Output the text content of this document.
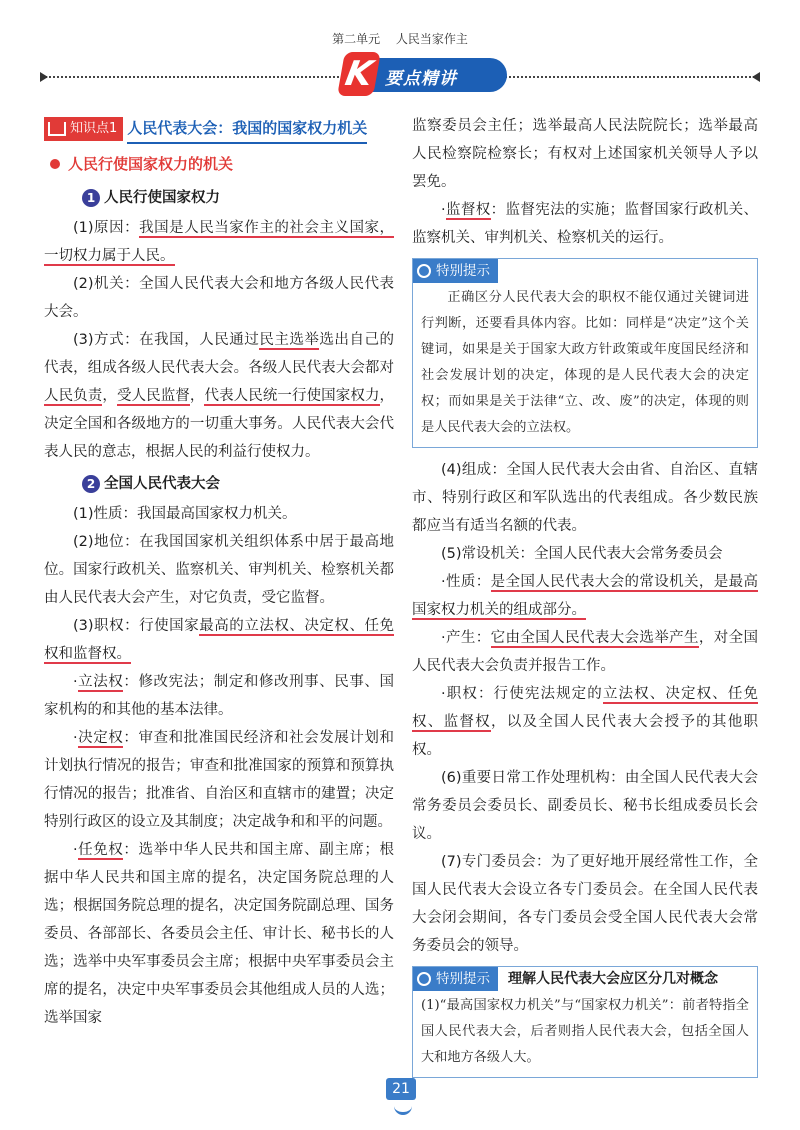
第二单元 人民当家作主
K 要点精讲
知识点1 人民代表大会：我国的国家权力机关
人民行使国家权力的机关
1 人民行使国家权力

(1)原因：我国是人民当家作主的社会主义国家，一切权力属于人民。

(2)机关：全国人民代表大会和地方各级人民代表大会。

(3)方式：在我国，人民通过民主选举选出自己的代表，组成各级人民代表大会。各级人民代表大会都对人民负责，受人民监督，代表人民统一行使国家权力，决定全国和各级地方的一切重大事务。人民代表大会代表人民的意志，根据人民的利益行使权力。

2 全国人民代表大会

(1)性质：我国最高国家权力机关。

(2)地位：在我国国家机关组织体系中居于最高地位。国家行政机关、监察机关、审判机关、检察机关都由人民代表大会产生，对它负责，受它监督。

(3)职权：行使国家最高的立法权、决定权、任免权和监督权。

·立法权：修改宪法；制定和修改刑事、民事、国家机构的和其他的基本法律。

·决定权：审查和批准国民经济和社会发展计划和计划执行情况的报告；审查和批准国家的预算和预算执行情况的报告；批准省、自治区和直辖市的建置；决定特别行政区的设立及其制度；决定战争和和平的问题。

·任免权：选举中华人民共和国主席、副主席；根据中华人民共和国主席的提名，决定国务院总理的人选；根据国务院总理的提名，决定国务院副总理、国务委员、各部部长、各委员会主任、审计长、秘书长的人选；选举中央军事委员会主席；根据中央军事委员会主席的提名，决定中央军事委员会其他组成人员的人选；选举国家

监察委员会主任；选举最高人民法院院长；选举最高人民检察院检察长；有权对上述国家机关领导人予以罢免。

·监督权：监督宪法的实施；监督国家行政机关、监察机关、审判机关、检察机关的运行。

特别提示

正确区分人民代表大会的职权不能仅通过关键词进行判断，还要看具体内容。比如：同样是“决定”这个关键词，如果是关于国家大政方针政策或年度国民经济和社会发展计划的决定，体现的是人民代表大会的决定权；而如果是关于法律“立、改、废”的决定，体现的则是人民代表大会的立法权。

(4)组成：全国人民代表大会由省、自治区、直辖市、特别行政区和军队选出的代表组成。各少数民族都应当有适当名额的代表。

(5)常设机关：全国人民代表大会常务委员会

·性质：是全国人民代表大会的常设机关，是最高国家权力机关的组成部分。

·产生：它由全国人民代表大会选举产生，对全国人民代表大会负责并报告工作。

·职权：行使宪法规定的立法权、决定权、任免权、监督权，以及全国人民代表大会授予的其他职权。

(6)重要日常工作处理机构：由全国人民代表大会常务委员会委员长、副委员长、秘书长组成委员长会议。

(7)专门委员会：为了更好地开展经常性工作，全国人民代表大会设立各专门委员会。在全国人民代表大会闭会期间，各专门委员会受全国人民代表大会常务委员会的领导。

特别提示 理解人民代表大会应区分几对概念

(1)“最高国家权力机关”与“国家权力机关”：前者特指全国人民代表大会，后者则指人民代表大会，包括全国人大和地方各级人大。

21
